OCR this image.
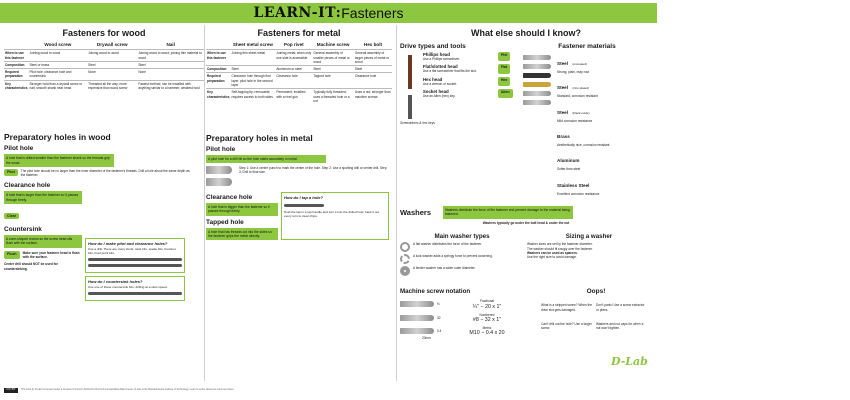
LEARN-IT: Fasteners
Fasteners for wood
	Wood screw	Drywall screw	Nail
When to use this fastener	Joining wood to wood	Joining wood to wood	Joining wood to wood; joining thin material to wood
Composition	Steel or brass	Steel	Steel
Required preparation	Pilot hole; clearance hole and countersink	None	None
Key characteristics	Stronger hold than a drywall screw or nail; smooth shank near head	Threaded all the way; more expensive than wood screw	Fastest method; can be installed with anything similar to a hammer; weakest hold
Preparatory holes in wood
Pilot hole
A hole that is drilled smaller than the fastener shank so the threads grip the wood.
Pilot	The pilot hole should be no larger than the inner diameter of the fastener's threads. Drill a hole about the same depth as the fastener.
Clearance hole
A hole that is larger than the fastener so it passes through freely.
Clear
Countersink
A cone-shaped recess so the screw head sits flush with the surface.
Flush	Make sure your fastener head is flush with the surface.
Center drill should NOT be used for countersinking.
How do I make pilot and clearance holes?
Use a drill. There are many kinds: twist bits, spade bits, Forstner bits, brad point bits.
How do I countersink holes?
Use one of these countersink bits, drilling at a slow speed.
Fasteners for metal
	Sheet metal screw	Pop rivet	Machine screw	Hex bolt
When to use this fastener	Joining thin sheet metal	Joining metal; when only one side is accessible	General assembly of smaller pieces of metal or wood	General assembly of larger pieces of metal or wood
Composition	Steel	Aluminum or steel	Steel	Steel
Required preparation	Clearance hole through first layer, pilot hole in the second layer	Clearance hole	Tapped hole	Clearance hole
Key characteristics	Self-tapping tip; removable; requires access to both sides	Permanent; installed with a rivet gun	Typically fully threaded; uses a threaded hole or a nut	Uses a nut; stronger than machine screws
Preparatory holes in metal
Pilot hole
A pilot hole for a drill bit so the hole starts accurately in metal.
Step 1: Use a center punch to mark the center of the hole. Step 2: Use a spotting drill or center drill. Step 3: Drill to final size.
Clearance hole
A hole that is bigger than the fastener so it passes through freely.
Tapped hole
A hole that has threads cut into the sides so the fastener grips the metal directly.
How do I tap a hole?
Hold the tap in a tap handle and turn it into the drilled hole; back it out every turn to clear chips.
What else should I know?
Drive types and tools
Phillips head
Use a Phillips screwdriver.
Phil
Flat/slotted head
Use a flat screwdriver that fits the slot.
Flat
Hex head
Use a wrench or socket.
Hex
Socket head
Use an Allen (hex) key.
Allen
Screwdrivers & hex keys
Fastener materials
Steel (uncoated)
Strong, plain, may rust
Steel (zinc-plated)
Standard, corrosion resistant
Steel (black oxide)
Mild corrosion resistance
Brass
Aesthetically nice, corrosion resistant
Aluminum
Softer than steel
Stainless Steel
Excellent corrosion resistance
Washers	Washers distribute the force of the fastener and prevent damage to the material being fastened.
Washers typically go under the bolt head & under the nut
Main washer types
A flat washer distributes the force of the fastener.
A lock washer adds a springy force to prevent loosening.
A fender washer has a wider outer diameter.
Sizing a washer
Washer sizes are set by the fastener diameter.
The washer should fit snugly over the fastener.
Washers can be used as spacers.
Use the right size to avoid damage.
Machine screw notation
⅛
Fractional
¼" − 20 x 1"
32
Numbered
#8 − 32 x 1"
0.4
Metric
M10 − 0.4 x 20
20mm
Oops!
What is a stripped screw? When the drive slot gets damaged.
Don't panic! Use a screw extractor or pliers.
Can't drill out the hole? Use a larger screw.
Washers and nut caps for when a nut won't tighten.
D-Lab
CC BY	This work by D-Lab is licensed under a Creative Commons Attribution-NonCommercial-ShareAlike license. D-Lab at the Massachusetts Institute of Technology. Learn-It series, fasteners reference sheet.
